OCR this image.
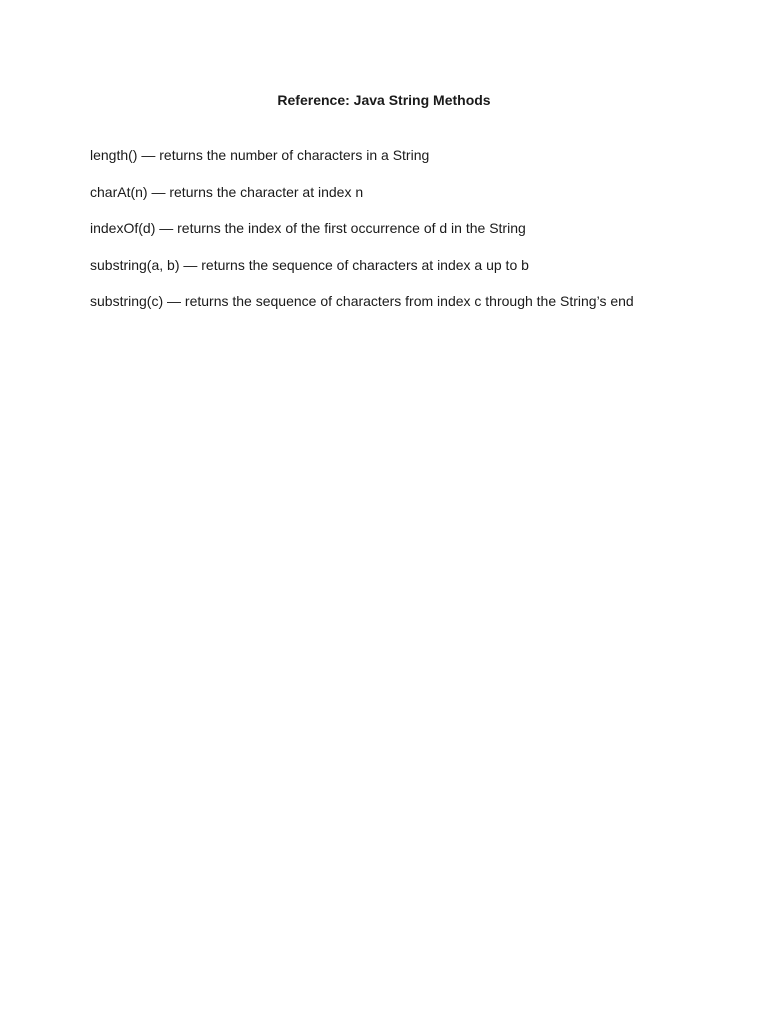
Reference: Java String Methods
length() — returns the number of characters in a String
charAt(n) — returns the character at index n
indexOf(d) — returns the index of the first occurrence of d in the String
substring(a, b) — returns the sequence of characters at index a up to b
substring(c) — returns the sequence of characters from index c through the String’s end
